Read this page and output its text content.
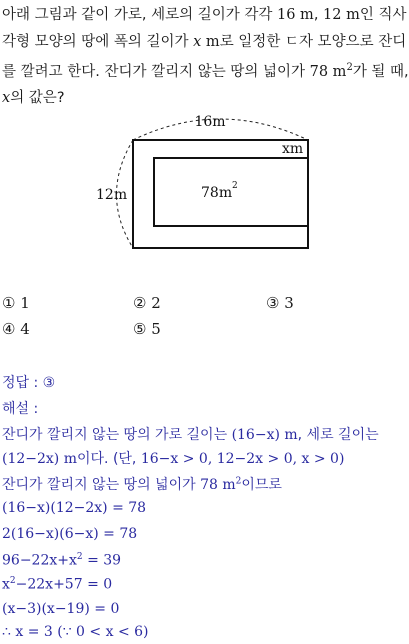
아래 그림과 같이 가로, 세로의 길이가 각각 16 m, 12 m인 직사

각형 모양의 땅에 폭의 길이가 x m로 일정한 ㄷ자 모양으로 잔디

를 깔려고 한다. 잔디가 깔리지 않는 땅의 넓이가 78 $m^2$가 될 때,

x의 값은?

16m
12m
xm
78m 2
① 1	② 2	③ 3
④ 4	⑤ 5
정답 : ③
해설 :
잔디가 깔리지 않는 땅의 가로 길이는 (16−x) m, 세로 길이는
(12−2x) m이다. (단, 16−x > 0, 12−2x > 0, x > 0)
잔디가 깔리지 않는 땅의 넓이가 78 $m^2$이므로
(16−x)(12−2x) = 78
2(16−x)(6−x) = 78
$96-22x+x^2 = 39$
$x^2-22x+57 = 0$
(x−3)(x−19) = 0
∴ x = 3 (∵ 0 < x < 6)
